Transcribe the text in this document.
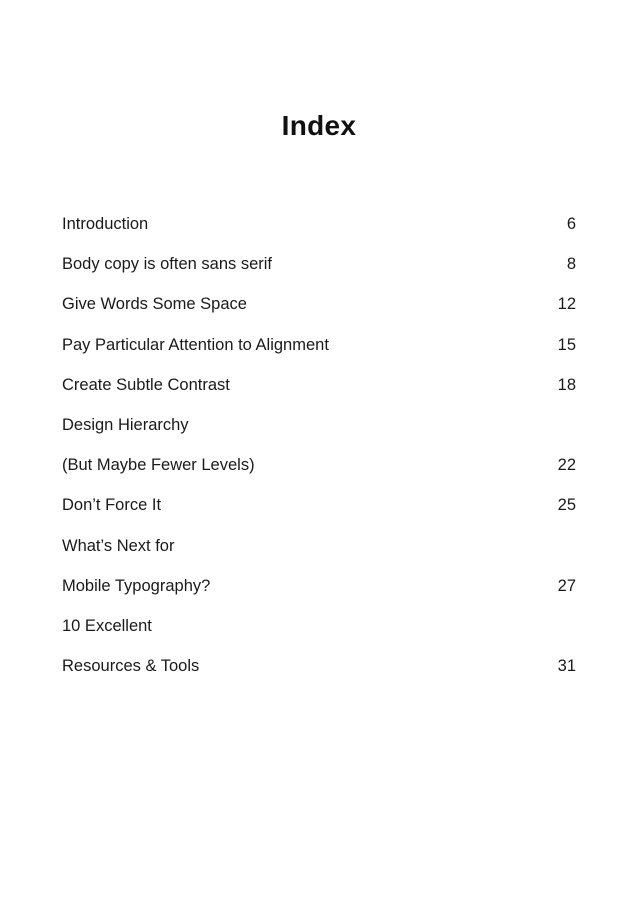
Index
Introduction	6
Body copy is often sans serif	8
Give Words Some Space	12
Pay Particular Attention to Alignment	15
Create Subtle Contrast	18
Design Hierarchy
(But Maybe Fewer Levels)	22
Don’t Force It	25
What’s Next for
Mobile Typography?	27
10 Excellent
Resources & Tools	31
